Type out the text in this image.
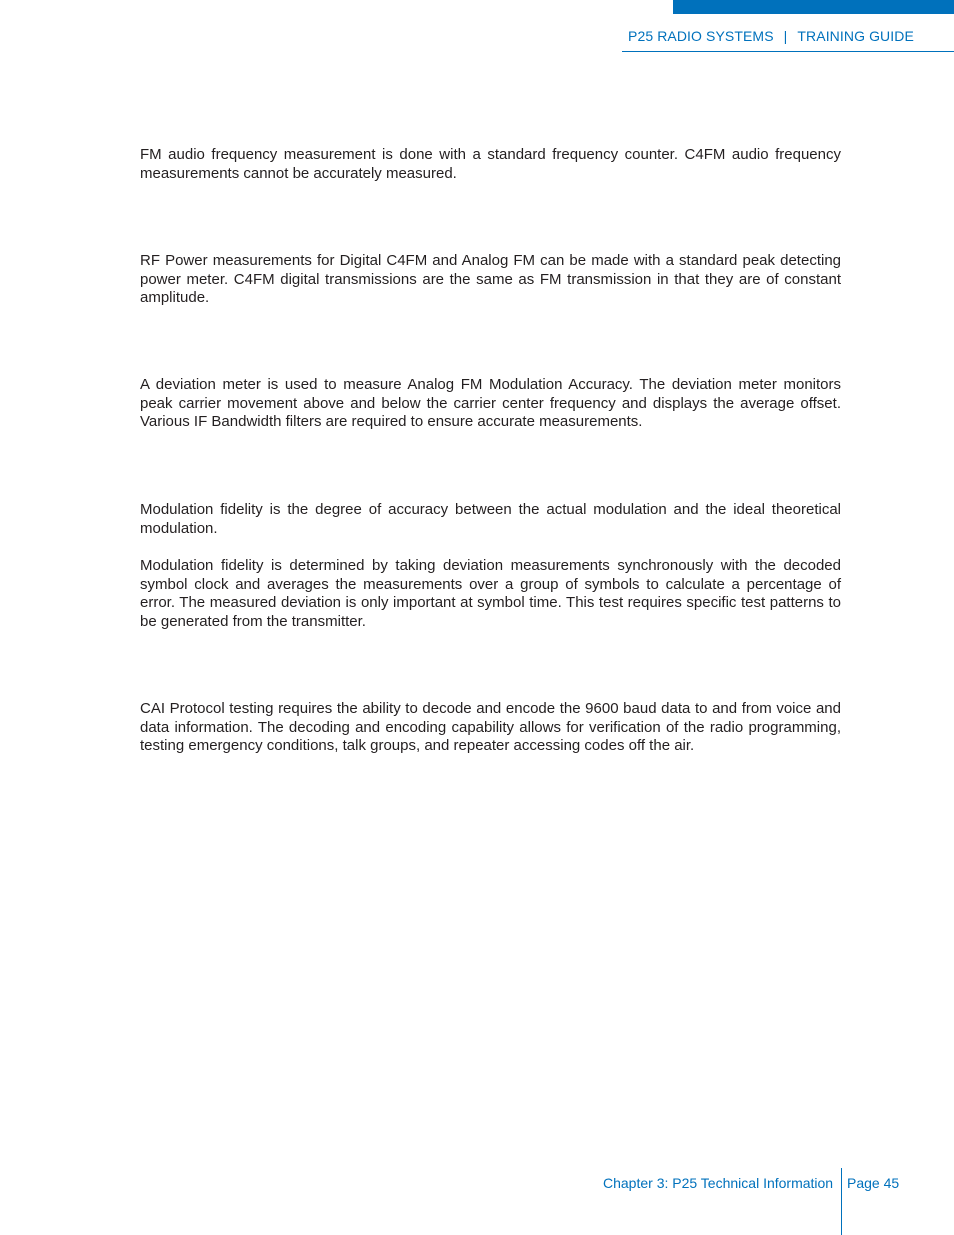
P25 RADIO SYSTEMS | TRAINING GUIDE

FM audio frequency measurement is done with a standard frequency counter. C4FM audio frequency measurements cannot be accurately measured.

RF Power measurements for Digital C4FM and Analog FM can be made with a standard peak detecting power meter. C4FM digital transmissions are the same as FM transmission in that they are of constant amplitude.

A deviation meter is used to measure Analog FM Modulation Accuracy. The deviation meter monitors peak carrier movement above and below the carrier center frequency and displays the average offset. Various IF Bandwidth filters are required to ensure accurate measurements.

Modulation fidelity is the degree of accuracy between the actual modulation and the ideal theoretical modulation.

Modulation fidelity is determined by taking deviation measurements synchronously with the decoded symbol clock and averages the measurements over a group of symbols to calculate a percentage of error. The measured deviation is only important at symbol time. This test requires specific test patterns to be generated from the transmitter.

CAI Protocol testing requires the ability to decode and encode the 9600 baud data to and from voice and data information. The decoding and encoding capability allows for verification of the radio programming, testing emergency conditions, talk groups, and repeater accessing codes off the air.

Chapter 3: P25 Technical Information Page 45
